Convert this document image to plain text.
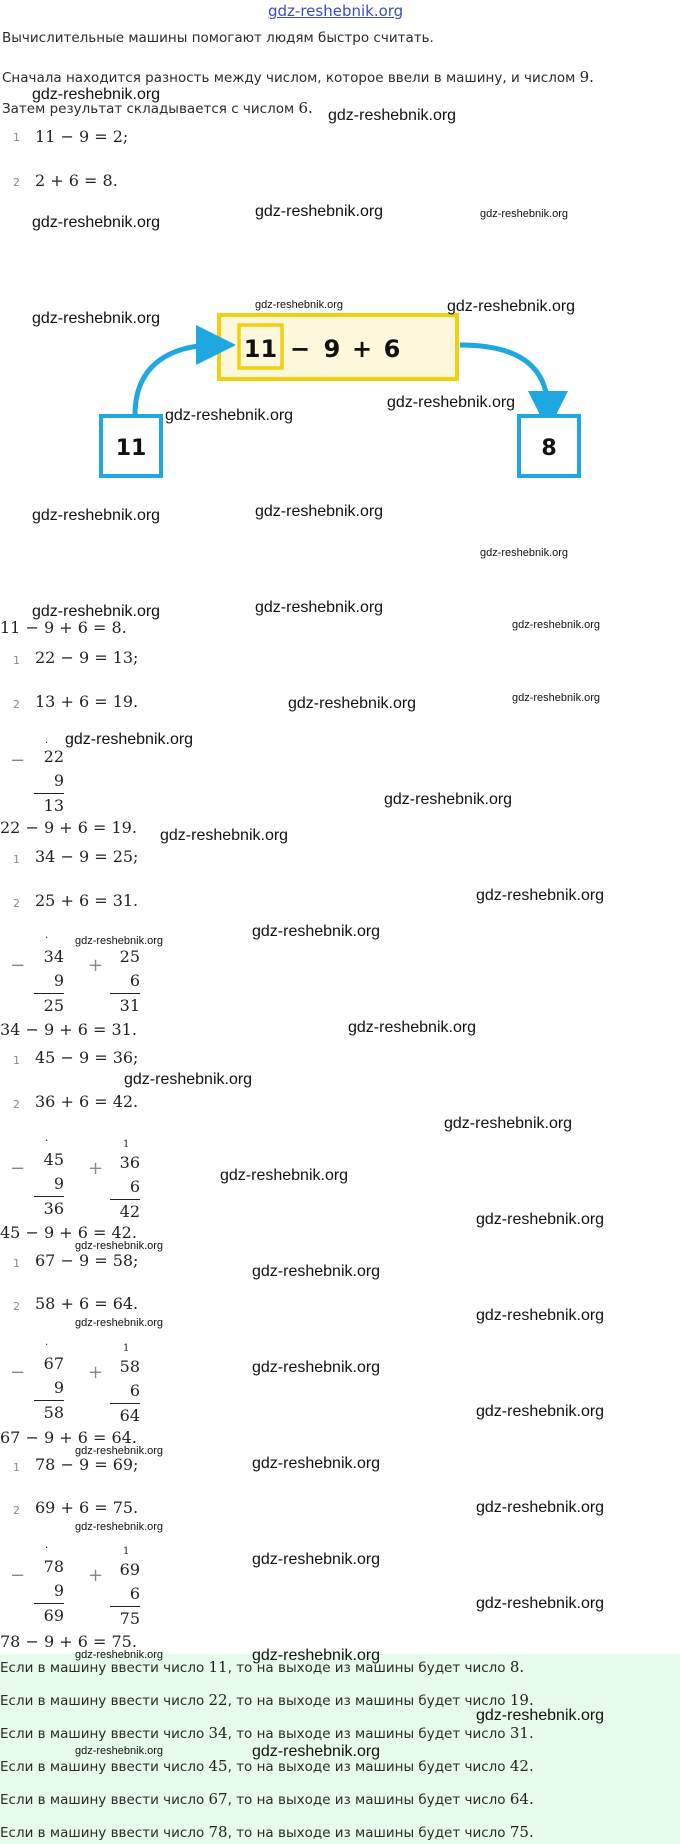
gdz-reshebnik.org
Вычислительные машины помогают людям быстро считать.
Сначала находится разность между числом, которое ввели в машину, и числом 9.
Затем результат складывается с числом 6.
1 11 − 9 = 2;
2 2 + 6 = 8.
11 − 9 + 6
11	8
11 − 9 + 6 = 8.
1 22 − 9 = 13;
2 13 + 6 = 19.
−
·
22
9
13
22 − 9 + 6 = 19.
1 34 − 9 = 25;
2 25 + 6 = 31.
−
·
34
9
25
+	25
6
31
34 − 9 + 6 = 31.
1 45 − 9 = 36;
2 36 + 6 = 42.
−
·
45
9
36
+
1
36
6
42
45 − 9 + 6 = 42.
1 67 − 9 = 58;
2 58 + 6 = 64.
−
·
67
9
58
+
1
58
6
64
67 − 9 + 6 = 64.
1 78 − 9 = 69;
2 69 + 6 = 75.
−
·
78
9
69
+
1
69
6
75
78 − 9 + 6 = 75.
Если в машину ввести число 11, то на выходе из машины будет число 8.
Если в машину ввести число 22, то на выходе из машины будет число 19.
Если в машину ввести число 34, то на выходе из машины будет число 31.
Если в машину ввести число 45, то на выходе из машины будет число 42.
Если в машину ввести число 67, то на выходе из машины будет число 64.
Если в машину ввести число 78, то на выходе из машины будет число 75.
gdz-reshebnik.org
gdz-reshebnik.org
gdz-reshebnik.org
gdz-reshebnik.org	gdz-reshebnik.org
gdz-reshebnik.org
gdz-reshebnik.org	gdz-reshebnik.org
gdz-reshebnik.org
gdz-reshebnik.org
gdz-reshebnik.org	gdz-reshebnik.org
gdz-reshebnik.org
gdz-reshebnik.org	gdz-reshebnik.org
gdz-reshebnik.org
gdz-reshebnik.org	gdz-reshebnik.org
gdz-reshebnik.org
gdz-reshebnik.org
gdz-reshebnik.org
gdz-reshebnik.org
gdz-reshebnik.org
gdz-reshebnik.org
gdz-reshebnik.org
gdz-reshebnik.org
gdz-reshebnik.org
gdz-reshebnik.org
gdz-reshebnik.org
gdz-reshebnik.org
gdz-reshebnik.org
gdz-reshebnik.org	gdz-reshebnik.org
gdz-reshebnik.org
gdz-reshebnik.org
gdz-reshebnik.org
gdz-reshebnik.org
gdz-reshebnik.org
gdz-reshebnik.org
gdz-reshebnik.org
gdz-reshebnik.org
gdz-reshebnik.org	gdz-reshebnik.org
gdz-reshebnik.org
gdz-reshebnik.org	gdz-reshebnik.org
